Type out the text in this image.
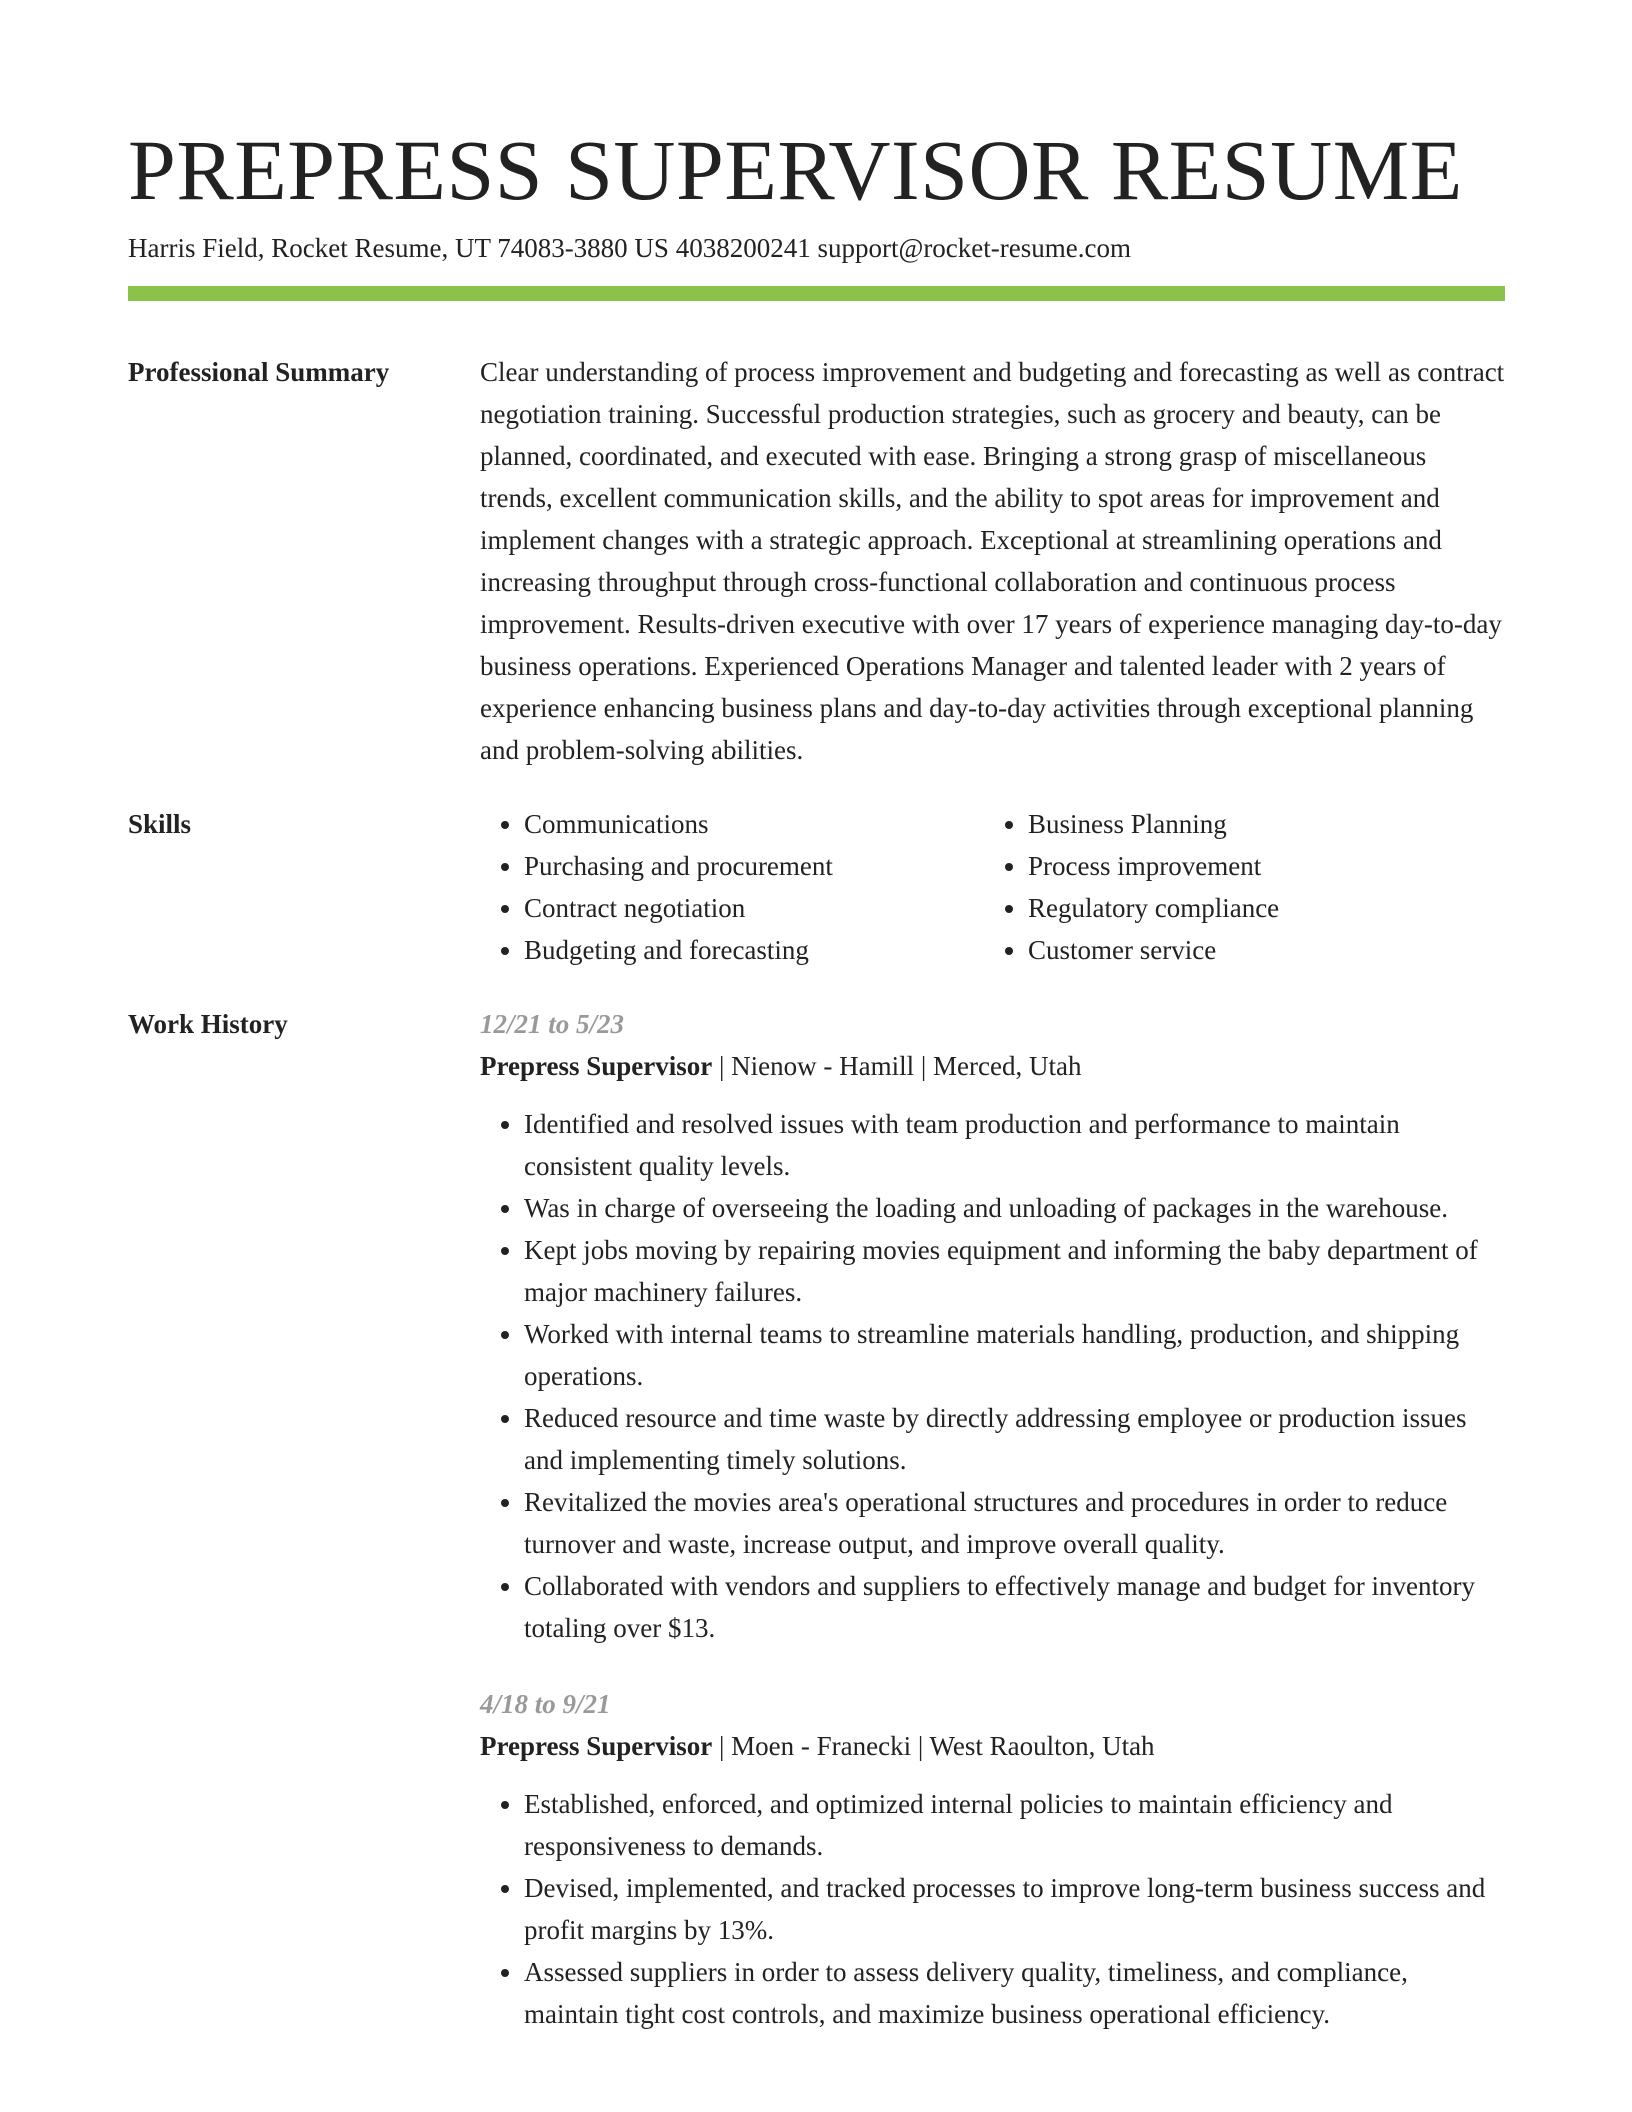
PREPRESS SUPERVISOR RESUME
Harris Field, Rocket Resume, UT 74083-3880 US 4038200241 support@rocket-resume.com
Professional Summary	Clear understanding of process improvement and budgeting and forecasting as well as contract negotiation training. Successful production strategies, such as grocery and beauty, can be planned, coordinated, and executed with ease. Bringing a strong grasp of miscellaneous trends, excellent communication skills, and the ability to spot areas for improvement and implement changes with a strategic approach. Exceptional at streamlining operations and increasing throughput through cross-functional collaboration and continuous process improvement. Results-driven executive with over 17 years of experience managing day-to-day business operations. Experienced Operations Manager and talented leader with 2 years of experience enhancing business plans and day-to-day activities through exceptional planning and problem-solving abilities.
Skills
•	Communications
• Purchasing and procurement
• Contract negotiation
• Budgeting and forecasting
• Business Planning
• Process improvement
• Regulatory compliance
• Customer service
Work History	12/21 to 5/23
Prepress Supervisor | Nienow - Hamill | Merced, Utah
• Identified and resolved issues with team production and performance to maintain consistent quality levels.
• Was in charge of overseeing the loading and unloading of packages in the warehouse.
• Kept jobs moving by repairing movies equipment and informing the baby department of major machinery failures.
• Worked with internal teams to streamline materials handling, production, and shipping operations.
• Reduced resource and time waste by directly addressing employee or production issues and implementing timely solutions.
• Revitalized the movies area's operational structures and procedures in order to reduce turnover and waste, increase output, and improve overall quality.
• Collaborated with vendors and suppliers to effectively manage and budget for inventory totaling over $13.
4/18 to 9/21
Prepress Supervisor | Moen - Franecki | West Raoulton, Utah
• Established, enforced, and optimized internal policies to maintain efficiency and responsiveness to demands.
• Devised, implemented, and tracked processes to improve long-term business success and profit margins by 13%.
• Assessed suppliers in order to assess delivery quality, timeliness, and compliance, maintain tight cost controls, and maximize business operational efficiency.
